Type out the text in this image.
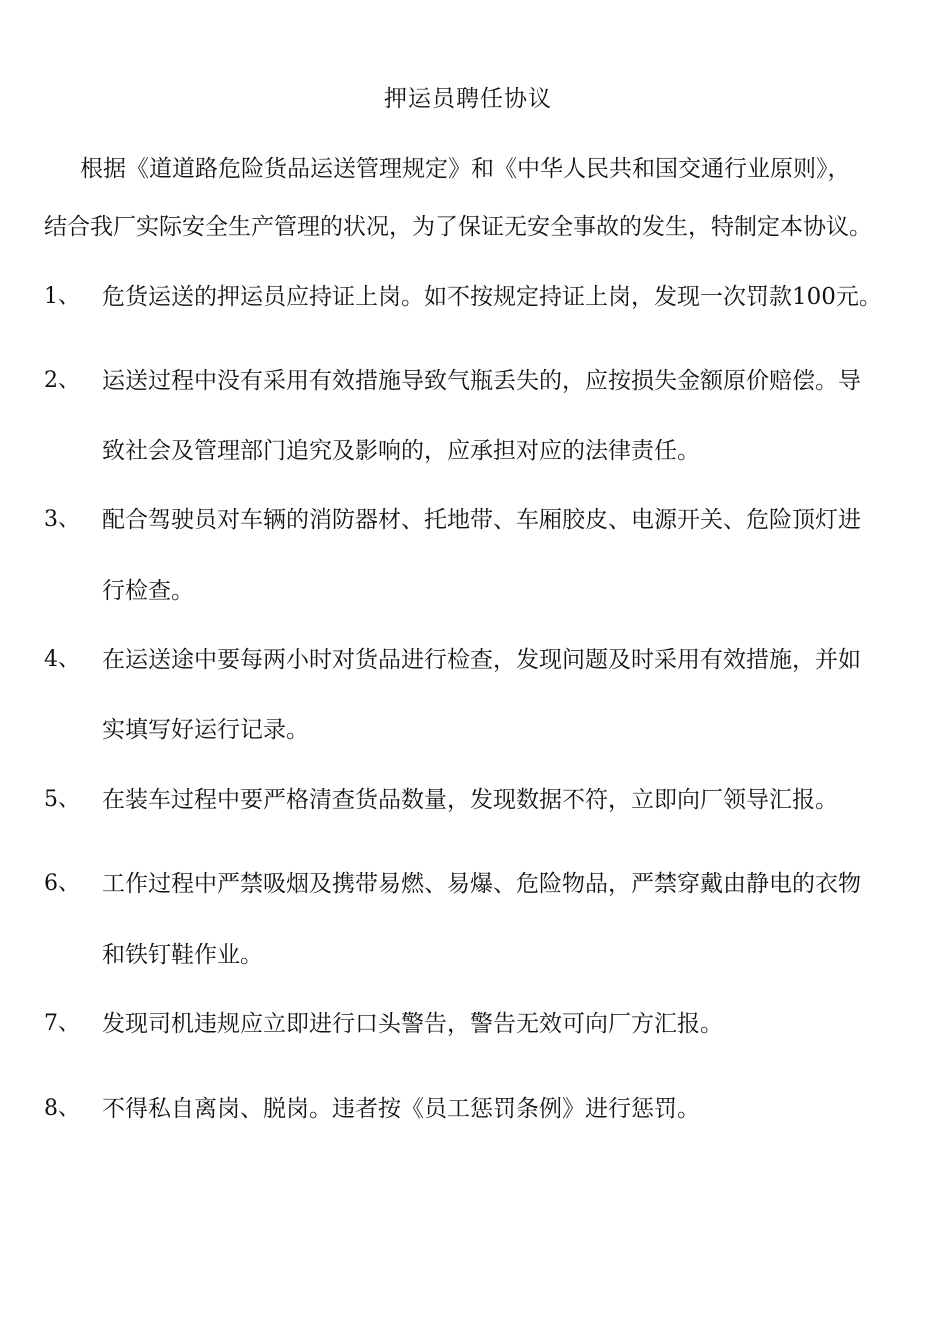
押运员聘任协议
根据《道道路危险货品运送管理规定》和《中华人民共和国交通行业原则》，
结合我厂实际安全生产管理的状况，为了保证无安全事故的发生，特制定本协议。
1、 危货运送的押运员应持证上岗。如不按规定持证上岗，发现一次罚款100元。
2、 运送过程中没有采用有效措施导致气瓶丢失的，应按损失金额原价赔偿。导
致社会及管理部门追究及影响的，应承担对应的法律责任。
3、 配合驾驶员对车辆的消防器材、托地带、车厢胶皮、电源开关、危险顶灯进
行检查。
4、 在运送途中要每两小时对货品进行检查，发现问题及时采用有效措施，并如
实填写好运行记录。
5、 在装车过程中要严格清查货品数量，发现数据不符，立即向厂领导汇报。
6、 工作过程中严禁吸烟及携带易燃、易爆、危险物品，严禁穿戴由静电的衣物
和铁钉鞋作业。
7、 发现司机违规应立即进行口头警告，警告无效可向厂方汇报。
8、 不得私自离岗、脱岗。违者按《员工惩罚条例》进行惩罚。
